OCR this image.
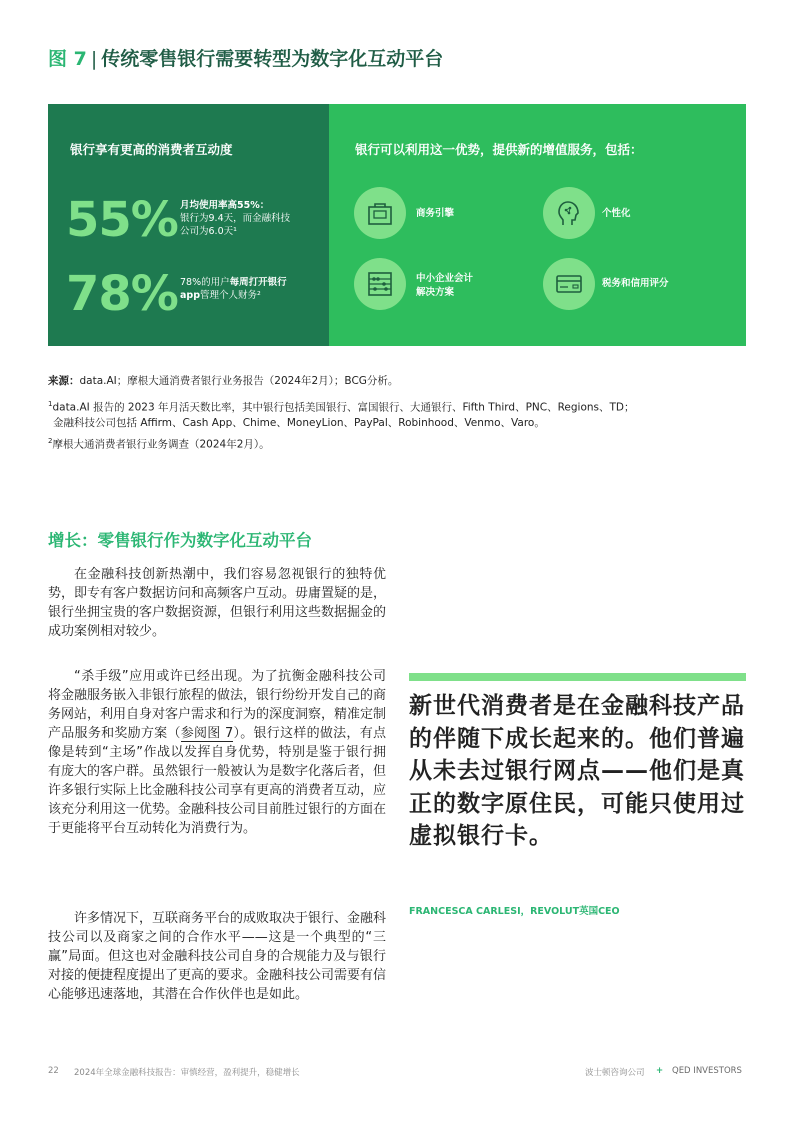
图 7 | 传统零售银行需要转型为数字化互动平台
银行享有更高的消费者互动度
55% 月均使用率高55%：
银行为9.4天，而金融科技
公司为6.0天¹
78% 78%的用户每周打开银行
app管理个人财务²
银行可以利用这一优势，提供新的增值服务，包括：
商务引擎	个性化
中小企业会计
解决方案
税务和信用评分
来源：data.AI；摩根大通消费者银行业务报告（2024年2月）；BCG分析。
$^1$data.AI 报告的 2023 年月活天数比率，其中银行包括美国银行、富国银行、大通银行、Fifth Third、PNC、Regions、TD；
金融科技公司包括 Affirm、Cash App、Chime、MoneyLion、PayPal、Robinhood、Venmo、Varo。
$^2$摩根大通消费者银行业务调查（2024年2月）。
增长：零售银行作为数字化互动平台
在金融科技创新热潮中，我们容易忽视银行的独特优势，即专有客户数据访问和高频客户互动。毋庸置疑的是，银行坐拥宝贵的客户数据资源，但银行利用这些数据掘金的成功案例相对较少。
“杀手级”应用或许已经出现。为了抗衡金融科技公司将金融服务嵌入非银行旅程的做法，银行纷纷开发自己的商务网站，利用自身对客户需求和行为的深度洞察，精准定制产品服务和奖励方案（参阅图 7）。银行这样的做法，有点像是转到“主场”作战以发挥自身优势，特别是鉴于银行拥有庞大的客户群。虽然银行一般被认为是数字化落后者，但许多银行实际上比金融科技公司享有更高的消费者互动，应该充分利用这一优势。金融科技公司目前胜过银行的方面在于更能将平台互动转化为消费行为。
许多情况下，互联商务平台的成败取决于银行、金融科技公司以及商家之间的合作水平——这是一个典型的“三赢”局面。但这也对金融科技公司自身的合规能力及与银行对接的便捷程度提出了更高的要求。金融科技公司需要有信心能够迅速落地，其潜在合作伙伴也是如此。
新世代消费者是在金融科技产品的伴随下成长起来的。他们普遍从未去过银行网点——他们是真正的数字原住民，可能只使用过虚拟银行卡。
FRANCESCA CARLESI，REVOLUT英国CEO
22 2024年全球金融科技报告：审慎经营，盈利提升，稳健增长	波士顿咨询公司 + QED INVESTORS
